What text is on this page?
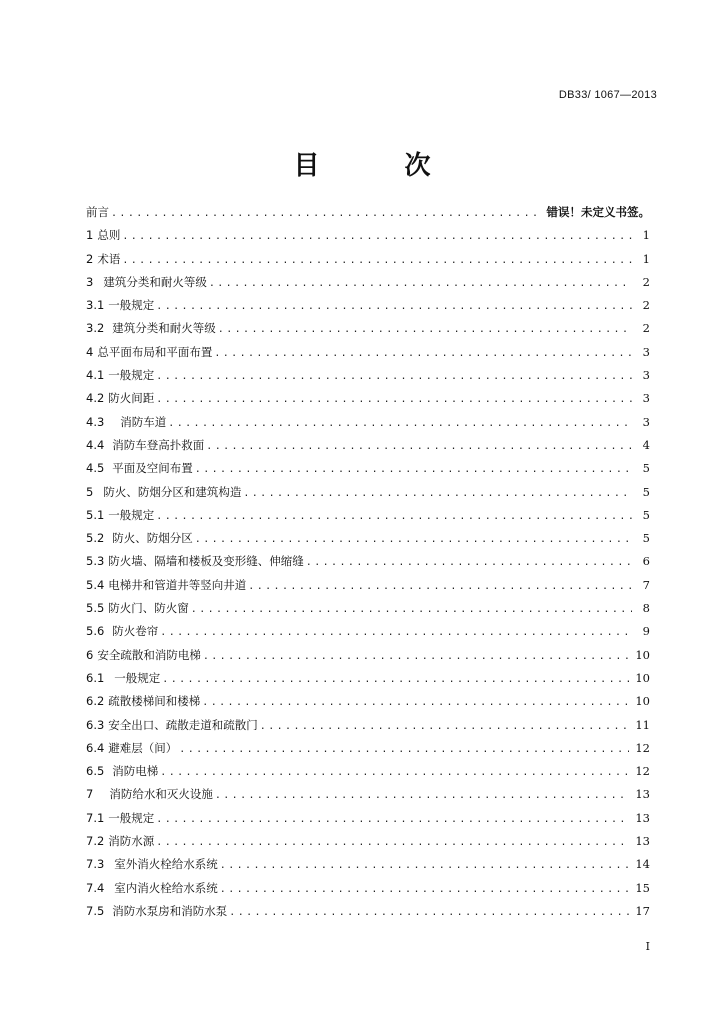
DB33/ 1067—2013
目 次
前言 .....	错误！未定义书签。
1 总则 .....	1
2 术语 .....	1
3 建筑分类和耐火等级 .....	2
3.1 一般规定 .....	2
3.2 建筑分类和耐火等级 .....	2
4 总平面布局和平面布置 .....	3
4.1 一般规定 .....	3
4.2 防火间距 .....	3
4.3 消防车道 .....	3
4.4 消防车登高扑救面 .....	4
4.5 平面及空间布置 .....	5
5 防火、防烟分区和建筑构造 .....	5
5.1 一般规定 .....	5
5.2 防火、防烟分区 .....	5
5.3 防火墙、隔墙和楼板及变形缝、伸缩缝 .....	6
5.4 电梯井和管道井等竖向井道 .....	7
5.5 防火门、防火窗 .....	8
5.6 防火卷帘 .....	9
6 安全疏散和消防电梯 .....	10
6.1 一般规定 .....	10
6.2 疏散楼梯间和楼梯 .....	10
6.3 安全出口、疏散走道和疏散门 .....	11
6.4 避难层（间） .....	12
6.5 消防电梯 .....	12
7 消防给水和灭火设施 .....	13
7.1 一般规定 .....	13
7.2 消防水源 .....	13
7.3 室外消火栓给水系统 .....	14
7.4 室内消火栓给水系统 .....	15
7.5 消防水泵房和消防水泵 .....	17
I
